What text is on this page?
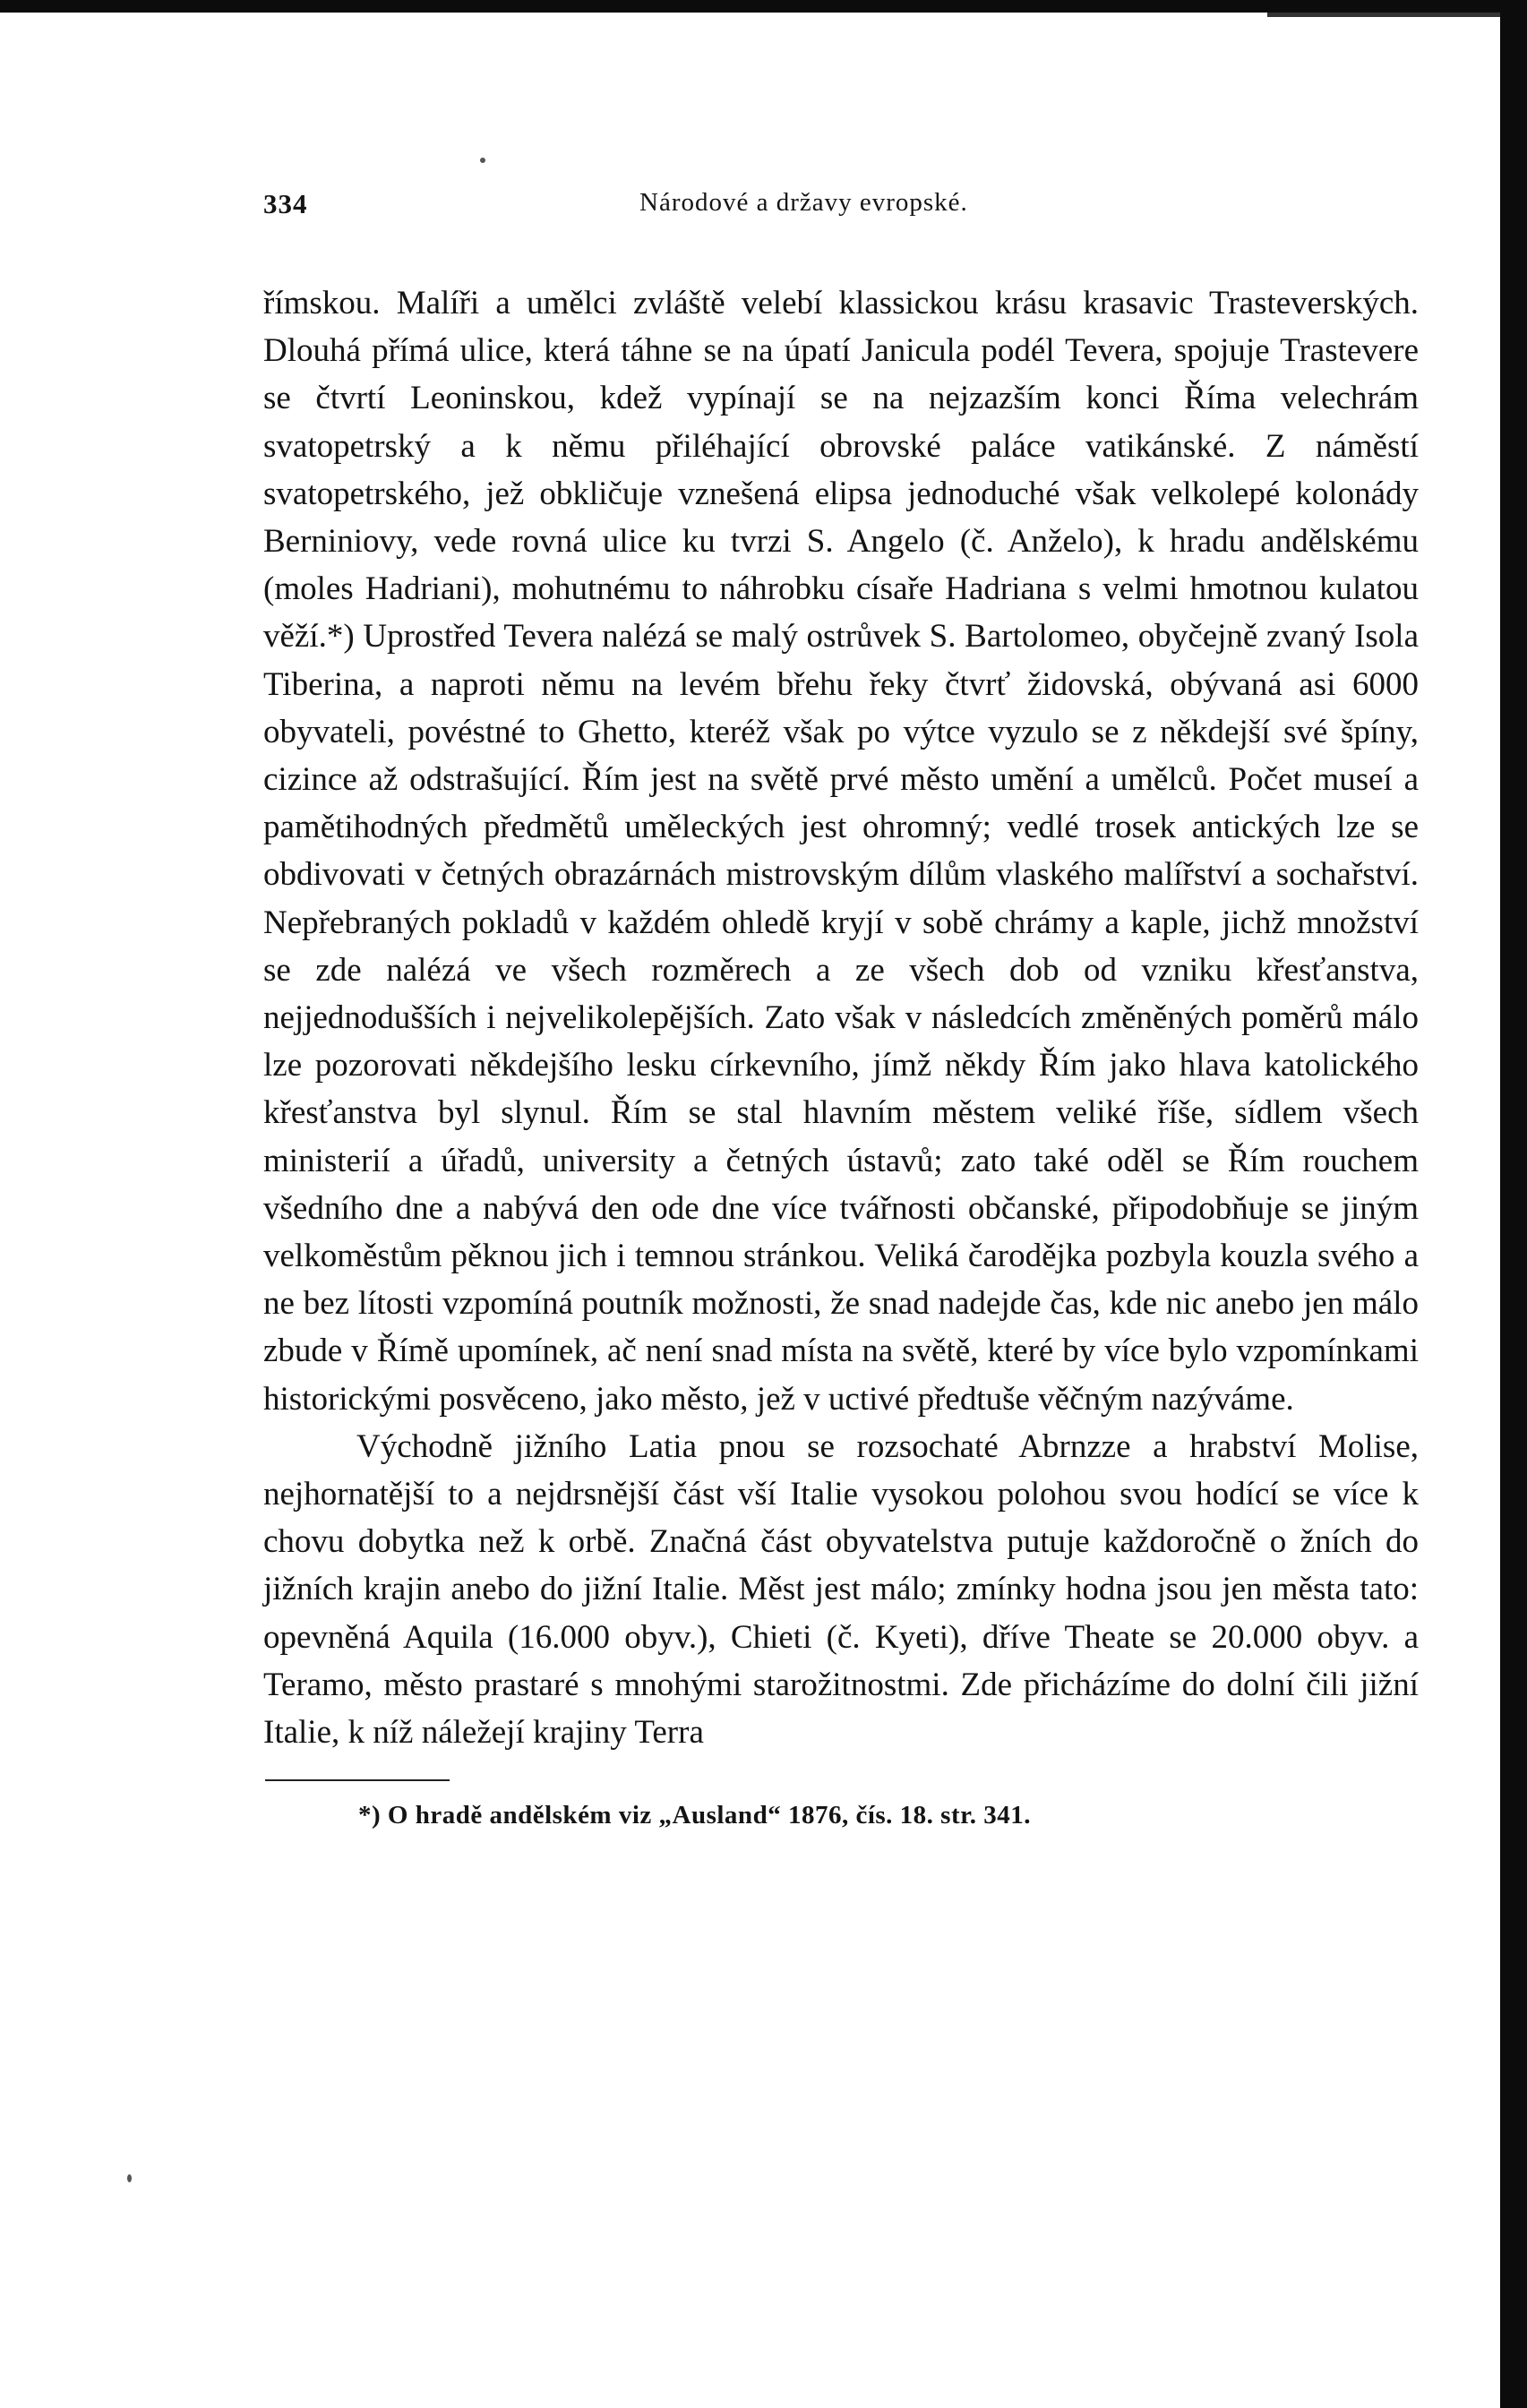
334	Národové a državy evropské.

římskou. Malíři a umělci zvláště velebí klassickou krásu krasavic Trasteverských. Dlouhá přímá ulice, která táhne se na úpatí Janicula podél Tevera, spojuje Trastevere se čtvrtí Leoninskou, kdež vypínají se na nejzazším konci Říma velechrám svatopetrský a k němu přiléhající obrovské paláce vatikánské. Z náměstí svatopetrského, jež obkličuje vznešená elipsa jednoduché však velkolepé kolonády Berniniovy, vede rovná ulice ku tvrzi S. Angelo (č. Anželo), k hradu andělskému (moles Hadriani), mohutnému to náhrobku císaře Hadriana s velmi hmotnou kulatou věží.*) Uprostřed Tevera nalézá se malý ostrůvek S. Bartolomeo, obyčejně zvaný Isola Tiberina, a naproti němu na levém břehu řeky čtvrť židovská, obývaná asi 6000 obyvateli, povéstné to Ghetto, kteréž však po výtce vyzulo se z někdejší své špíny, cizince až odstrašující. Řím jest na světě prvé město umění a umělců. Počet museí a pamětihodných předmětů uměleckých jest ohromný; vedlé trosek antických lze se obdivovati v četných obrazárnách mistrovským dílům vlaského malířství a sochařství. Nepřebraných pokladů v každém ohledě kryjí v sobě chrámy a kaple, jichž množství se zde nalézá ve všech rozměrech a ze všech dob od vzniku křesťanstva, nejjednodušších i nejvelikolepějších. Zato však v následcích změněných poměrů málo lze pozorovati někdejšího lesku církevního, jímž někdy Řím jako hlava katolického křesťanstva byl slynul. Řím se stal hlavním městem veliké říše, sídlem všech ministerií a úřadů, university a četných ústavů; zato také oděl se Řím rouchem všedního dne a nabývá den ode dne více tvářnosti občanské, připodobňuje se jiným velkoměstům pěknou jich i temnou stránkou. Veliká čarodějka pozbyla kouzla svého a ne bez lítosti vzpomíná poutník možnosti, že snad nadejde čas, kde nic anebo jen málo zbude v Římě upomínek, ač není snad místa na světě, které by více bylo vzpomínkami historickými posvěceno, jako město, jež v uctivé předtuše věčným nazýváme.

Východně jižního Latia pnou se rozsochaté Abrnzze a hrabství Molise, nejhornatější to a nejdrsnější část vší Italie vysokou polohou svou hodící se více k chovu dobytka než k orbě. Značná část obyvatelstva putuje každoročně o žních do jižních krajin anebo do jižní Italie. Měst jest málo; zmínky hodna jsou jen města tato: opevněná Aquila (16.000 obyv.), Chieti (č. Kyeti), dříve Theate se 20.000 obyv. a Teramo, město prastaré s mnohými starožitnostmi. Zde přicházíme do dolní čili jižní Italie, k níž náležejí krajiny Terra

*) O hradě andělském viz „Ausland“ 1876, čís. 18. str. 341.
